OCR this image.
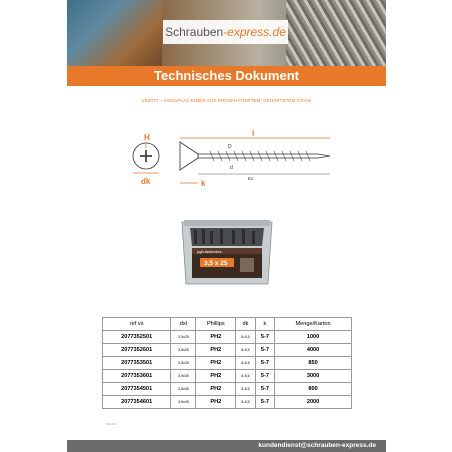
Schrauben-express.de
Technisches Dokument
VS2077 – VISSAPLAC-EIMER AUS PHOSPHATIERTEM, GEHÄRTETEM STAHL
dk
H	l
D
d
Ex
k
pgb-fasteners
3,5 x 25
ref vs	dxl	Phillips	dk	k	Menge/Karton
2077352501	3,5x25	PH2	8-8,5	5-7	1000
2077352601	3,5x25	PH2	8-8,5	5-7	4000
2077353501	3,5x35	PH2	8-8,5	5-7	850
2077353601	3,5x35	PH2	8-8,5	5-7	3000
2077354501	3,5x45	PH2	8-8,5	5-7	800
2077354601	3,5x45	PH2	8-8,5	5-7	2000
06/2021
kundendienst@schrauben-express.de
